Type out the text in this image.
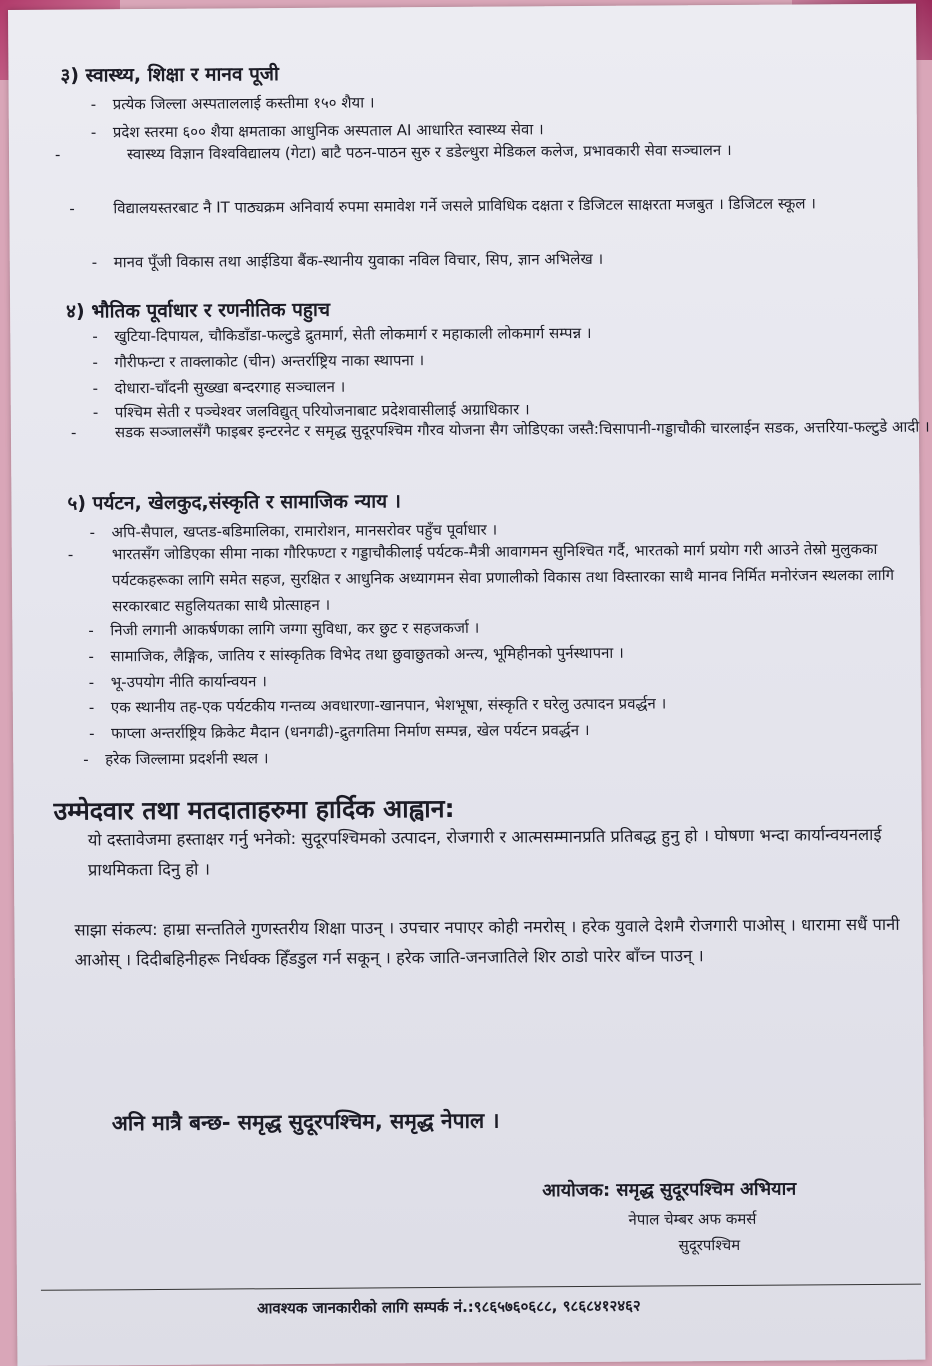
३) स्वास्थ्य, शिक्षा र मानव पूजी
- प्रत्येक जिल्ला अस्पताललाई कस्तीमा १५० शैया ।
- प्रदेश स्तरमा ६०० शैया क्षमताका आधुनिक अस्पताल AI आधारित स्वास्थ्य सेवा ।
-	स्वास्थ्य विज्ञान विश्वविद्यालय (गेटा) बाटै पठन-पाठन सुरु र डडेल्धुरा मेडिकल कलेज, प्रभावकारी सेवा सञ्चालन ।
-	विद्यालयस्तरबाट नै IT पाठ्यक्रम अनिवार्य रुपमा समावेश गर्ने जसले प्राविधिक दक्षता र डिजिटल साक्षरता मजबुत । डिजिटल स्कूल ।
- मानव पूँजी विकास तथा आईडिया बैंक-स्थानीय युवाका नविल विचार, सिप, ज्ञान अभिलेख ।
४) भौतिक पूर्वाधार र रणनीतिक पहुाच
- खुटिया-दिपायल, चौकिडाँडा-फल्टुडे द्रुतमार्ग, सेती लोकमार्ग र महाकाली लोकमार्ग सम्पन्न ।
- गौरीफन्टा र ताक्लाकोट (चीन) अन्तर्राष्ट्रिय नाका स्थापना ।
- दोधारा-चाँदनी सुख्खा बन्दरगाह सञ्चालन ।
- पश्चिम सेती र पञ्चेश्वर जलविद्युत् परियोजनाबाट प्रदेशवासीलाई अग्राधिकार ।
-	सडक सञ्जालसँगै फाइबर इन्टरनेट र समृद्ध सुदूरपश्चिम गौरव योजना सैग जोडिएका जस्तै:चिसापानी-गड्डाचौकी चारलाईन सडक, अत्तरिया-फल्टुडे आदी ।
५) पर्यटन, खेलकुद,संस्कृति र सामाजिक न्याय ।
- अपि-सैपाल, खप्तड-बडिमालिका, रामारोशन, मानसरोवर पहुँच पूर्वाधार ।
-	भारतसँग जोडिएका सीमा नाका गौरिफण्टा र गड्डाचौकीलाई पर्यटक-मैत्री आवागमन सुनिश्चित गर्दै, भारतको मार्ग प्रयोग गरी आउने तेस्रो मुलुकका पर्यटकहरूका लागि समेत सहज, सुरक्षित र आधुनिक अध्यागमन सेवा प्रणालीको विकास तथा विस्तारका साथै मानव निर्मित मनोरंजन स्थलका लागि सरकारबाट सहुलियतका साथै प्रोत्साहन ।
- निजी लगानी आकर्षणका लागि जग्गा सुविधा, कर छुट र सहजकर्जा ।
- सामाजिक, लैङ्गिक, जातिय र सांस्कृतिक विभेद तथा छुवाछुतको अन्त्य, भूमिहीनको पुर्नस्थापना ।
- भू-उपयोग नीति कार्यान्वयन ।
- एक स्थानीय तह-एक पर्यटकीय गन्तव्य अवधारणा-खानपान, भेशभूषा, संस्कृति र घरेलु उत्पादन प्रवर्द्धन ।
- फाप्ला अन्तर्राष्ट्रिय क्रिकेट मैदान (धनगढी)-द्रुतगतिमा निर्माण सम्पन्न, खेल पर्यटन प्रवर्द्धन ।
- हरेक जिल्लामा प्रदर्शनी स्थल ।
उम्मेदवार तथा मतदाताहरुमा हार्दिक आह्वान:
यो दस्तावेजमा हस्ताक्षर गर्नु भनेको: सुदूरपश्चिमको उत्पादन, रोजगारी र आत्मसम्मानप्रति प्रतिबद्ध हुनु हो । घोषणा भन्दा कार्यान्वयनलाई प्राथमिकता दिनु हो ।
साझा संकल्प: हाम्रा सन्ततिले गुणस्तरीय शिक्षा पाउन् । उपचार नपाएर कोही नमरोस् । हरेक युवाले देशमै रोजगारी पाओस् । धारामा सधैं पानी आओस् । दिदीबहिनीहरू निर्धक्क हिँडडुल गर्न सकून् । हरेक जाति-जनजातिले शिर ठाडो पारेर बाँच्न पाउन् ।
अनि मात्रै बन्छ- समृद्ध सुदूरपश्चिम, समृद्ध नेपाल ।
आयोजक: समृद्ध सुदूरपश्चिम अभियान
नेपाल चेम्बर अफ कमर्स
सुदूरपश्चिम
आवश्यक जानकारीको लागि सम्पर्क नं.:९८६५७६०६८८, ९८६८४१२४६२
